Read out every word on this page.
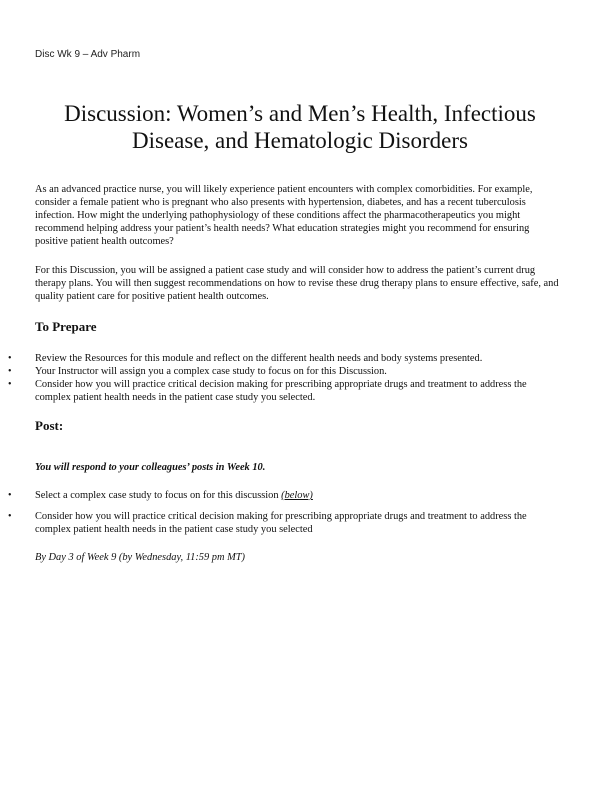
Disc Wk 9 – Adv Pharm
Discussion: Women’s and Men’s Health, Infectious Disease, and Hematologic Disorders
As an advanced practice nurse, you will likely experience patient encounters with complex comorbidities. For example, consider a female patient who is pregnant who also presents with hypertension, diabetes, and has a recent tuberculosis infection. How might the underlying pathophysiology of these conditions affect the pharmacotherapeutics you might recommend helping address your patient’s health needs? What education strategies might you recommend for ensuring positive patient health outcomes?
For this Discussion, you will be assigned a patient case study and will consider how to address the patient’s current drug therapy plans. You will then suggest recommendations on how to revise these drug therapy plans to ensure effective, safe, and quality patient care for positive patient health outcomes.
To Prepare
• Review the Resources for this module and reflect on the different health needs and body systems presented.
• Your Instructor will assign you a complex case study to focus on for this Discussion.
• Consider how you will practice critical decision making for prescribing appropriate drugs and treatment to address the complex patient health needs in the patient case study you selected.
Post:
You will respond to your colleagues’ posts in Week 10.
• Select a complex case study to focus on for this discussion (below)
• Consider how you will practice critical decision making for prescribing appropriate drugs and treatment to address the complex patient health needs in the patient case study you selected
By Day 3 of Week 9 (by Wednesday, 11:59 pm MT)
